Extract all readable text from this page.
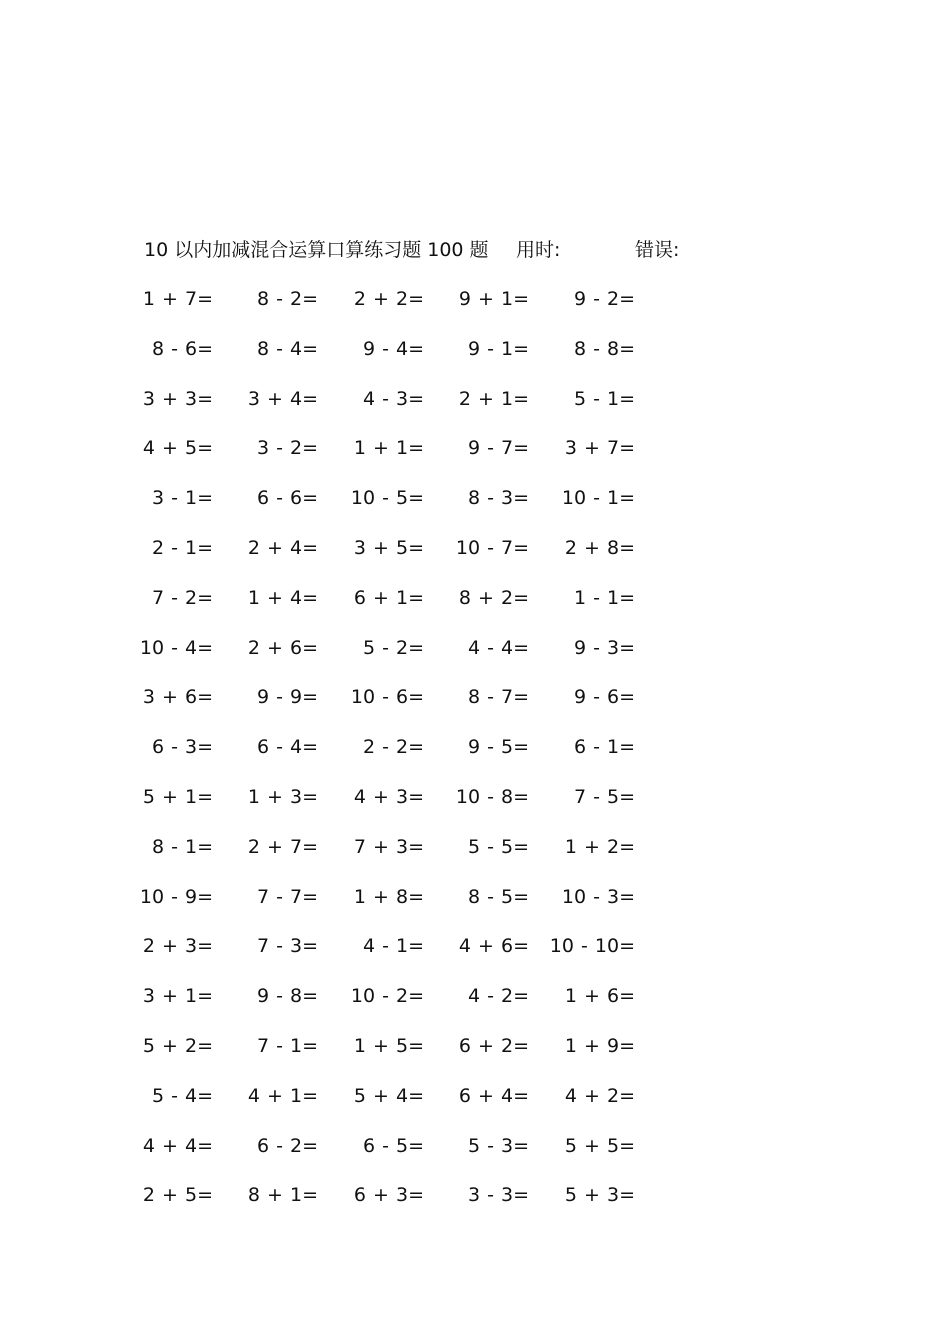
10 以内加减混合运算口算练习题 100 题 用时:	错误:
1 + 7= 8 - 2= 2 + 2= 9 + 1= 9 - 2=
8 - 6= 8 - 4= 9 - 4= 9 - 1= 8 - 8=
3 + 3= 3 + 4= 4 - 3= 2 + 1= 5 - 1=
4 + 5= 3 - 2= 1 + 1= 9 - 7= 3 + 7=
3 - 1= 6 - 6= 10 - 5= 8 - 3= 10 - 1=
2 - 1= 2 + 4= 3 + 5= 10 - 7= 2 + 8=
7 - 2= 1 + 4= 6 + 1= 8 + 2= 1 - 1=
10 - 4= 2 + 6= 5 - 2= 4 - 4= 9 - 3=
3 + 6= 9 - 9= 10 - 6= 8 - 7= 9 - 6=
6 - 3= 6 - 4= 2 - 2= 9 - 5= 6 - 1=
5 + 1= 1 + 3= 4 + 3= 10 - 8= 7 - 5=
8 - 1= 2 + 7= 7 + 3= 5 - 5= 1 + 2=
10 - 9= 7 - 7= 1 + 8= 8 - 5= 10 - 3=
2 + 3= 7 - 3= 4 - 1= 4 + 6= 10 - 10=
3 + 1= 9 - 8= 10 - 2= 4 - 2= 1 + 6=
5 + 2= 7 - 1= 1 + 5= 6 + 2= 1 + 9=
5 - 4= 4 + 1= 5 + 4= 6 + 4= 4 + 2=
4 + 4= 6 - 2= 6 - 5= 5 - 3= 5 + 5=
2 + 5= 8 + 1= 6 + 3= 3 - 3= 5 + 3=
